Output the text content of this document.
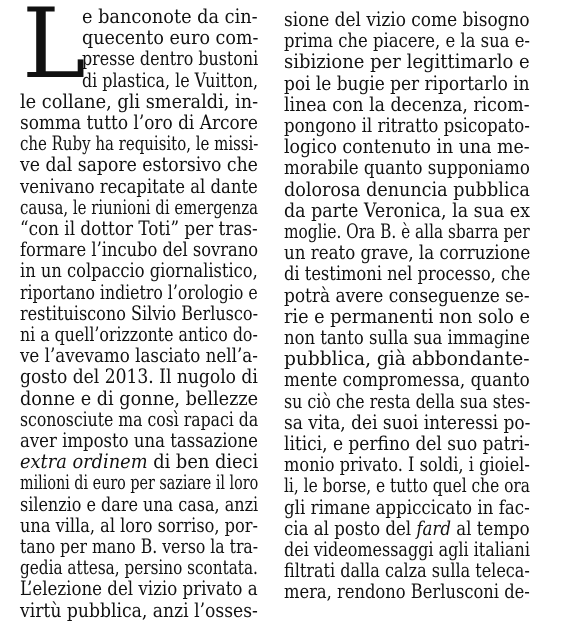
L
e banconote da cin-
quecento euro com-
presse dentro bustoni
di plastica, le Vuitton,
le collane, gli smeraldi, in-
somma tutto l’oro di Arcore
che Ruby ha requisito, le missi-
ve dal sapore estorsivo che
venivano recapitate al dante
causa, le riunioni di emergenza
“con il dottor Toti” per tras-
formare l’incubo del sovrano
in un colpaccio giornalistico,
riportano indietro l’orologio e
restituiscono Silvio Berlusco-
ni a quell’orizzonte antico do-
ve l’avevamo lasciato nell’a-
gosto del 2013. Il nugolo di
donne e di gonne, bellezze
sconosciute ma così rapaci da
aver imposto una tassazione
extra ordinem di ben dieci
milioni di euro per saziare il loro
silenzio e dare una casa, anzi
una villa, al loro sorriso, por-
tano per mano B. verso la tra-
gedia attesa, persino scontata.
L’elezione del vizio privato a
virtù pubblica, anzi l’osses-
sione del vizio come bisogno
prima che piacere, e la sua e-
sibizione per legittimarlo e
poi le bugie per riportarlo in
linea con la decenza, ricom-
pongono il ritratto psicopato-
logico contenuto in una me-
morabile quanto supponiamo
dolorosa denuncia pubblica
da parte Veronica, la sua ex
moglie. Ora B. è alla sbarra per
un reato grave, la corruzione
di testimoni nel processo, che
potrà avere conseguenze se-
rie e permanenti non solo e
non tanto sulla sua immagine
pubblica, già abbondante-
mente compromessa, quanto
su ciò che resta della sua stes-
sa vita, dei suoi interessi po-
litici, e perfino del suo patri-
monio privato. I soldi, i gioiel-
li, le borse, e tutto quel che ora
gli rimane appiccicato in fac-
cia al posto del fard al tempo
dei videomessaggi agli italiani
filtrati dalla calza sulla teleca-
mera, rendono Berlusconi de-
